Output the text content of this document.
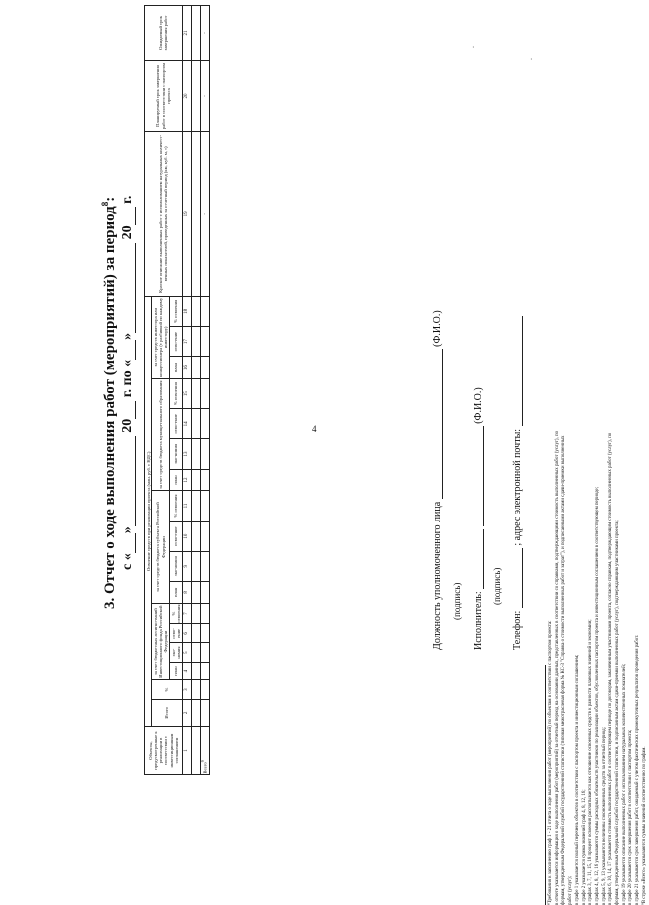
4
·
·
3. Отчет о ходе выполнения работ (мероприятий) за период$^8$:
с «» 20 г. по «» 20 г.
Объекты, предусмотренные к реализации в соответствии с инвестиционным соглашением	Освоение средств при реализации проекта (млн. руб. с НДС)																	Краткое описание выполненных работ с использованием натуральных количест-венных показателей, проведенных за отчетный период (км, куб. м, т)	Планируемый срок завершения работ в соответствии с паспортом проекта	Ожидаемый срок завершения работ
	Итого	%	за счет бюджетных ассигно-ваний Инвестиционного фонда Российской Федерации				за счет средств бюджета субъекта Российской Федерации				за счет средств бюджета муници-пального образования				за счет средств инвестора или концессионера (с разбивкой по каждому инвестору)					

			план	эко-номия	осво-ение	% освоения	план	эко-номия	осво-ение	% освоения	план	эко-номия	осво-ение	% освоения	план	осво-ение	% освоения			
1	2	3	4	5	6	7	8	9	10	11	12	13	14	15	16	17	18	19	20	21

Всего$^9$																		-	-	-
Должность уполномоченного лица  (Ф.И.О.)
(подпись) Исполнитель:   (Ф.И.О.)
(подпись)
Телефон:  ; адрес электронной почты:
⁸Требования к заполнению граф 1 - 21 отчета о ходе выполнения работ (мероприятий) по объектам в соответствии с паспортом проекта: в отчете указывается информация о ходе выполнения работ (мероприятий) за отчетный период на основании данных, представленных в соответствии со справками, подтверждающими стоимость выполненных работ (услуг), по формам, утвержденным Федеральной службой государственной статистики (типовая межотраслевая форма № КС-3 "Справка о стоимости выполненных работ и затрат"), и подписанными актами сдачи-приемки выполненных работ (услуг); в графе 1 указывается полный перечень объектов в соответствии с паспортом проекта и инвестиционным соглашением; в графе 2 указывается сумма значений граф 4, 8, 12, 16; в графах 3, 7, 11, 15, 18 процент освоения рассчитывается как отношение освоенных средств к разности плановых значений и экономии; в графах 4, 8, 12, 16 указываются суммы расходных обязательств участников по реализации объектов, обусловленных паспортом проекта и инвестиционным соглашением в соответствующем периоде; в графах 5, 9, 13 указываются величины сэкономленных средств за отчетный период; в графах 6, 10, 14, 17 указывается стоимость выполненных работ в соответствующем периоде по договорам, заключенным участниками проекта, согласно справкам, подтверждающим стоимость выполненных работ (услуг), по формам, утвержденным Федеральной службой государственной статистики, и подписанным актам сдачи-приемки выполненных работ (услуг), подтверждающим участниками проекта; в графе 19 указывается описание выполненных работ с использованием натуральных количественных показателей; в графе 20 указывается срок завершения работ в соответствии с паспортом проекта; в графе 21 указывается срок завершения работ, ожидаемый с учетом фактических промежуточных результатов проведения работ. ⁹В строке «Всего» указываются суммы значений соответственно по графам.
